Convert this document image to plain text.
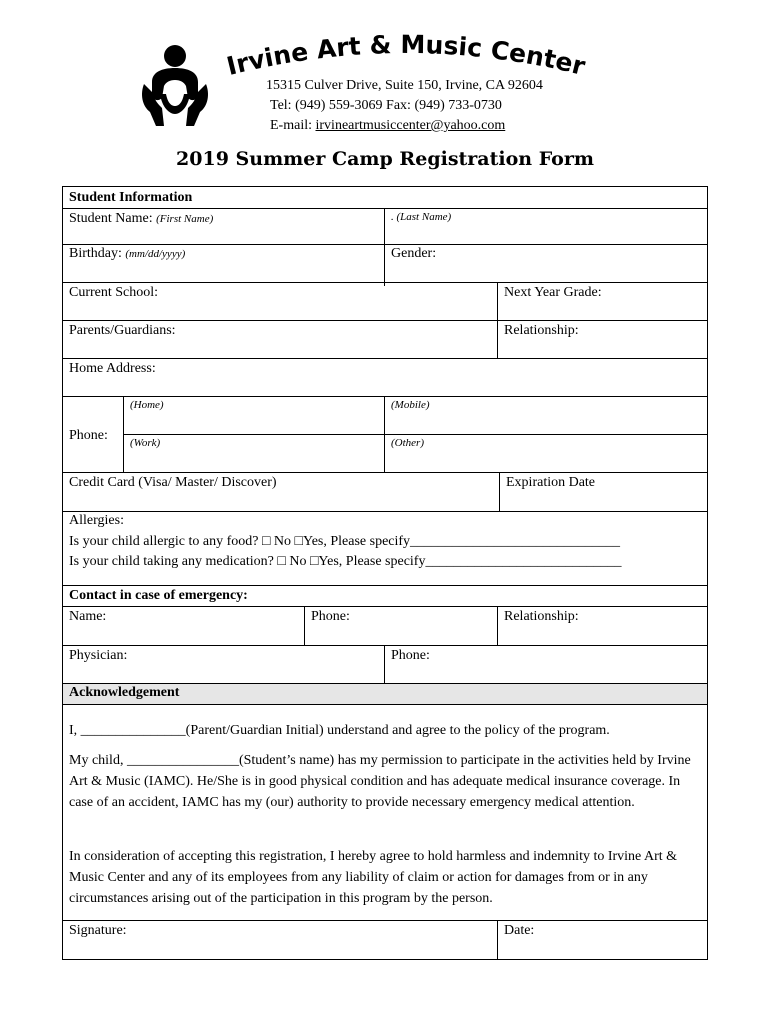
Irvine Art & Music Center
15315 Culver Drive, Suite 150, Irvine, CA 92604
Tel: (949) 559-3069 Fax: (949) 733-0730
E-mail: irvineartmusiccenter@yahoo.com
2019 Summer Camp Registration Form
Student Information
Student Name: (First Name)	. (Last Name)
Birthday: (mm/dd/yyyy)	Gender:
Current School:	Next Year Grade:
Parents/Guardians:	Relationship:
Home Address:
Phone:
(Home)	(Mobile)
(Work)	(Other)
Credit Card (Visa/ Master/ Discover)	Expiration Date
Allergies:
Is your child allergic to any food? □ No □Yes, Please specify______________________________
Is your child taking any medication? □ No □Yes, Please specify____________________________
Contact in case of emergency:
Name:	Phone:	Relationship:
Physician:	Phone:
Acknowledgement
I, _______________(Parent/Guardian Initial) understand and agree to the policy of the program.
My child, ________________(Student’s name) has my permission to participate in the activities held by Irvine Art & Music (IAMC). He/She is in good physical condition and has adequate medical insurance coverage. In case of an accident, IAMC has my (our) authority to provide necessary emergency medical attention.
In consideration of accepting this registration, I hereby agree to hold harmless and indemnity to Irvine Art & Music Center and any of its employees from any liability of claim or action for damages from or in any circumstances arising out of the participation in this program by the person.
Signature:	Date:
